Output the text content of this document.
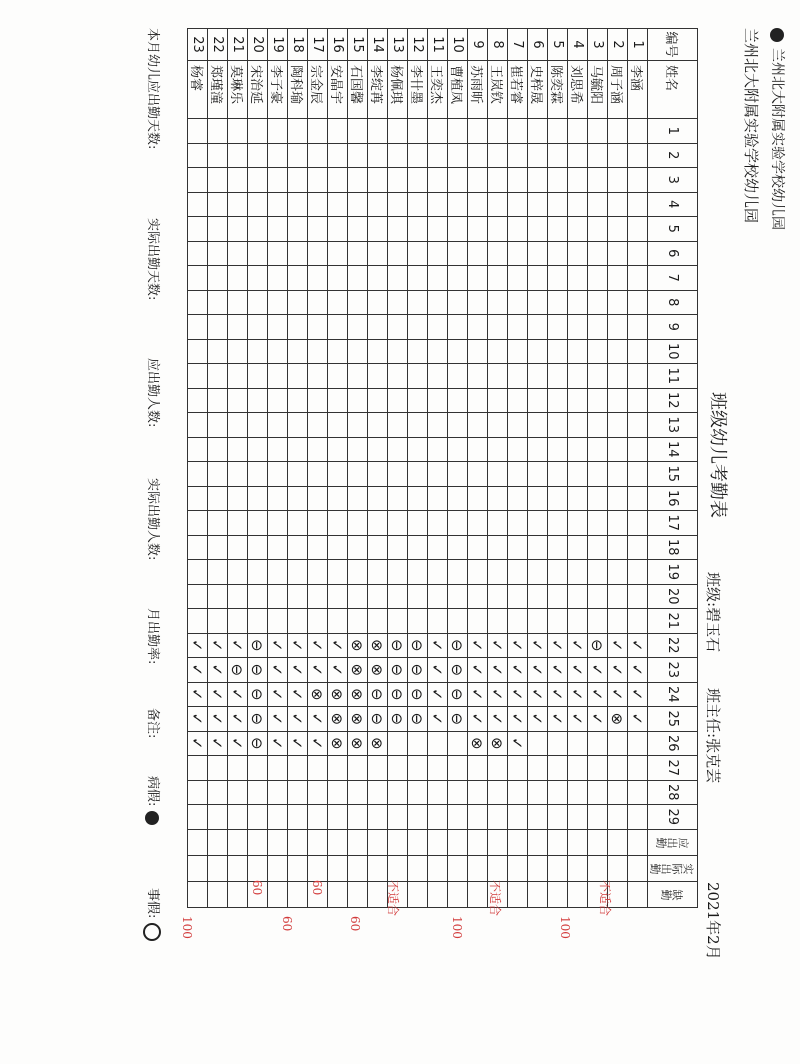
兰州北大附属实验学校幼儿园
兰州北大附属实验学校幼儿园
班级幼儿考勤表
班级:碧玉石
班主任:张克芸
2021年2月
编号
姓名
1
2
3
4
5
6
7
8
9
10
11
12
13
14
15
16
17
18
19
20
21
22
23
24
25
26
27
28
29
应出勤
实际出勤
缺勤
1
李涵
✓
✓
✓
✓
2
周子涵
✓
✓
✓
⊗
3
马毓阳
⊖
✓
✓
✓
4
刘思希
✓
✓
✓
✓
5
陈奕霖
✓
✓
✓
✓
6
史梓晟
✓
✓
✓
✓
7
崔若睿
✓
✓
✓
✓
✓
8
王岚钦
✓
✓
✓
✓
⊗
9
苏雨昕
✓
✓
✓
✓
⊗
10
曹植凤
⊖
⊖
⊖
⊖
11
王奕杰
✓
✓
✓
✓
12
李卄墨
⊖
⊖
⊖
⊖
13
杨佩琪
⊖
⊖
⊖
⊖
14
李绽苒
⊗
⊗
⊖
⊖
⊗
15
石国馨
⊗
⊗
⊗
⊗
⊗
16
安晶宇
✓
✓
⊗
⊗
⊗
17
宗金辰
✓
✓
⊗
✓
✓
18
陶科瑜
✓
✓
✓
✓
✓
19
李子豪
✓
✓
✓
✓
✓
20
宋治延
⊖
⊖
⊖
⊖
⊖
21
莫琳乐
✓
⊖
✓
✓
✓
22
郑瑾潼
✓
✓
✓
✓
✓
23
杨睿
✓
✓
✓
✓
✓
本月幼儿应出勤天数:
实际出勤天数:
应出勤人数:
实际出勤人数:
月出勤率:
备注:
病假:
事假:	不适合
100
不适合
100
不适合
60
60
60
60
100
